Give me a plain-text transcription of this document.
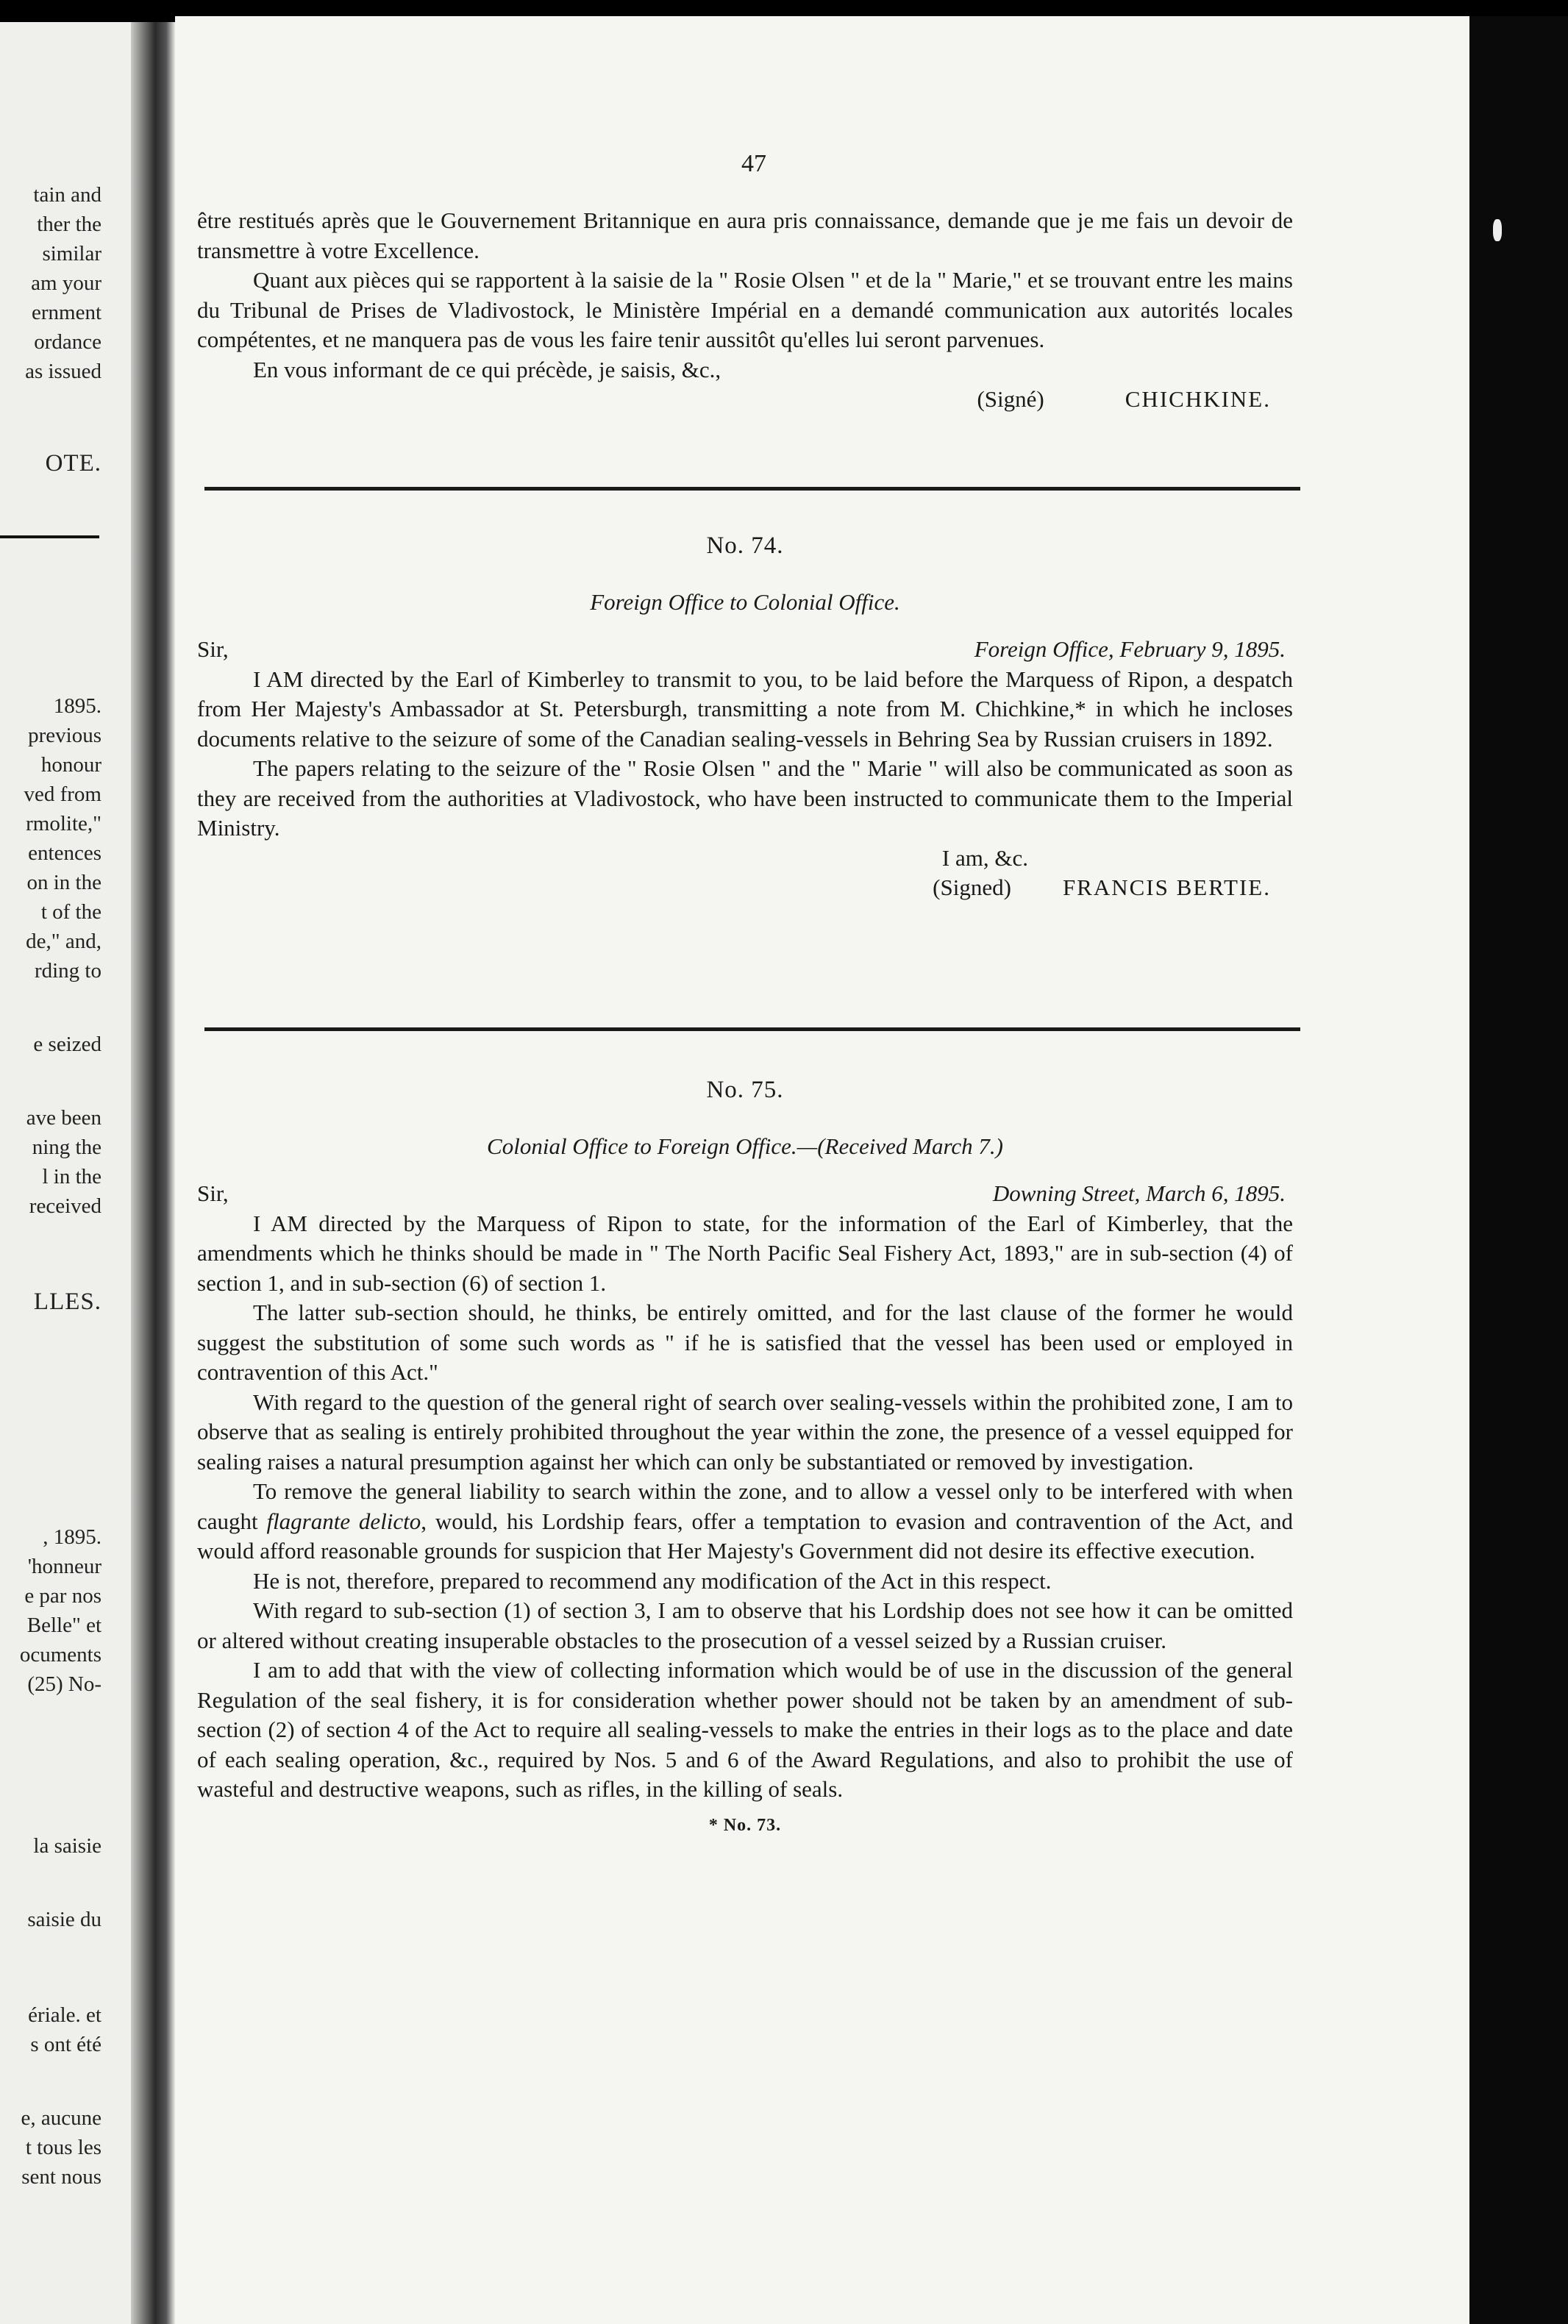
tain and
ther the
similar
am your
ernment
ordance
as issued
OTE.
1895.
previous
honour
ved from
rmolite,"
entences
on in the
t of the
de," and,
rding to
e seized
ave been
ning the
l in the
received
LLES.
, 1895.
'honneur
e par nos
Belle" et
ocuments
(25) No-
la saisie
saisie du
ériale. et
s ont été
e, aucune
t tous les
sent nous
47

être restitués après que le Gouvernement Britannique en aura pris connaissance, demande que je me fais un devoir de transmettre à votre Excellence.

Quant aux pièces qui se rapportent à la saisie de la " Rosie Olsen " et de la " Marie," et se trouvant entre les mains du Tribunal de Prises de Vladivostock, le Ministère Impérial en a demandé communication aux autorités locales compétentes, et ne manquera pas de vous les faire tenir aussitôt qu'elles lui seront parvenues.

En vous informant de ce qui précède, je saisis, &c.,

(Signé)	CHICHKINE.
No. 74.
Foreign Office to Colonial Office.
Sir,	Foreign Office, February 9, 1895.

I AM directed by the Earl of Kimberley to transmit to you, to be laid before the Marquess of Ripon, a despatch from Her Majesty's Ambassador at St. Petersburgh, transmitting a note from M. Chichkine,* in which he incloses documents relative to the seizure of some of the Canadian sealing-vessels in Behring Sea by Russian cruisers in 1892.

The papers relating to the seizure of the " Rosie Olsen " and the " Marie " will also be communicated as soon as they are received from the authorities at Vladivostock, who have been instructed to communicate them to the Imperial Ministry.

I am, &c.
(Signed) FRANCIS BERTIE.
No. 75.
Colonial Office to Foreign Office.—(Received March 7.)
Sir,	Downing Street, March 6, 1895.

I AM directed by the Marquess of Ripon to state, for the information of the Earl of Kimberley, that the amendments which he thinks should be made in " The North Pacific Seal Fishery Act, 1893," are in sub-section (4) of section 1, and in sub-section (6) of section 1.

The latter sub-section should, he thinks, be entirely omitted, and for the last clause of the former he would suggest the substitution of some such words as " if he is satisfied that the vessel has been used or employed in contravention of this Act."

With regard to the question of the general right of search over sealing-vessels within the prohibited zone, I am to observe that as sealing is entirely prohibited throughout the year within the zone, the presence of a vessel equipped for sealing raises a natural presumption against her which can only be substantiated or removed by investigation.

To remove the general liability to search within the zone, and to allow a vessel only to be interfered with when caught flagrante delicto, would, his Lordship fears, offer a temptation to evasion and contravention of the Act, and would afford reasonable grounds for suspicion that Her Majesty's Government did not desire its effective execution.

He is not, therefore, prepared to recommend any modification of the Act in this respect.

With regard to sub-section (1) of section 3, I am to observe that his Lordship does not see how it can be omitted or altered without creating insuperable obstacles to the prosecution of a vessel seized by a Russian cruiser.

I am to add that with the view of collecting information which would be of use in the discussion of the general Regulation of the seal fishery, it is for consideration whether power should not be taken by an amendment of sub-section (2) of section 4 of the Act to require all sealing-vessels to make the entries in their logs as to the place and date of each sealing operation, &c., required by Nos. 5 and 6 of the Award Regulations, and also to prohibit the use of wasteful and destructive weapons, such as rifles, in the killing of seals.

* No. 73.
